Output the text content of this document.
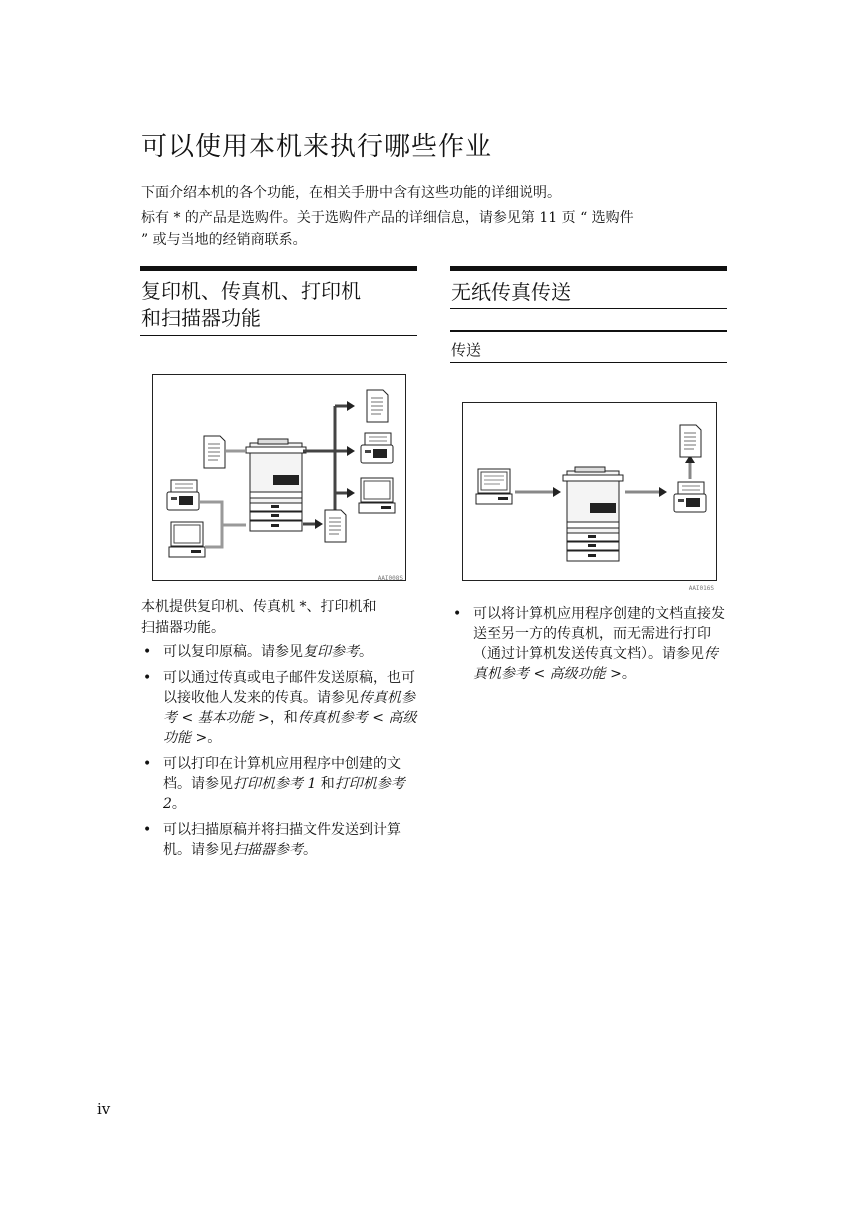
可以使用本机来执行哪些作业
下面介绍本机的各个功能，在相关手册中含有这些功能的详细说明。
标有 * 的产品是选购件。关于选购件产品的详细信息，请参见第 11 页 “ 选购件
” 或与当地的经销商联系。

复印机、传真机、打印机

和扫描器功能

AAI008S
本机提供复印机、传真机 *、打印机和
扫描器功能。
• 可以复印原稿。请参见复印参考。
• 可以通过传真或电子邮件发送原稿，也可以接收他人发来的传真。请参见传真机参考 < 基本功能 >，和传真机参考 < 高级功能 >。
• 可以打印在计算机应用程序中创建的文档。请参见打印机参考 1 和打印机参考 2。
• 可以扫描原稿并将扫描文件发送到计算机。请参见扫描器参考。
无纸传真传送
传送
AAI016S
• 可以将计算机应用程序创建的文档直接发送至另一方的传真机，而无需进行打印 （通过计算机发送传真文档）。请参见传真机参考 < 高级功能 >。
iv
